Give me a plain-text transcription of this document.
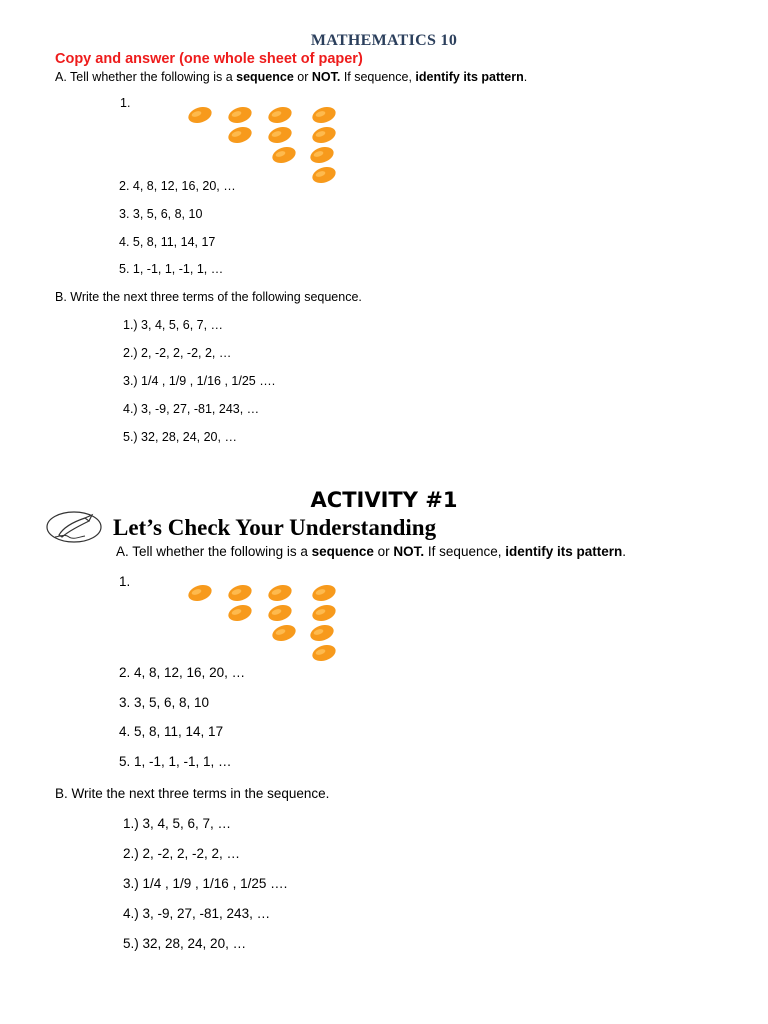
MATHEMATICS 10
Copy and answer (one whole sheet of paper)
A. Tell whether the following is a sequence or NOT. If sequence, identify its pattern.
1.
2. 4, 8, 12, 16, 20, …
3. 3, 5, 6, 8, 10
4. 5, 8, 11, 14, 17
5. 1, -1, 1, -1, 1, …
B. Write the next three terms of the following sequence.
1.) 3, 4, 5, 6, 7, …
2.) 2, -2, 2, -2, 2, …
3.) 1/4 , 1/9 , 1/16 , 1/25 ….
4.) 3, -9, 27, -81, 243, …
5.) 32, 28, 24, 20, …
ACTIVITY #1
Let’s Check Your Understanding
A. Tell whether the following is a sequence or NOT. If sequence, identify its pattern.
1.
2. 4, 8, 12, 16, 20, …
3. 3, 5, 6, 8, 10
4. 5, 8, 11, 14, 17
5. 1, -1, 1, -1, 1, …
B. Write the next three terms in the sequence.
1.) 3, 4, 5, 6, 7, …
2.) 2, -2, 2, -2, 2, …
3.) 1/4 , 1/9 , 1/16 , 1/25 ….
4.) 3, -9, 27, -81, 243, …
5.) 32, 28, 24, 20, …
